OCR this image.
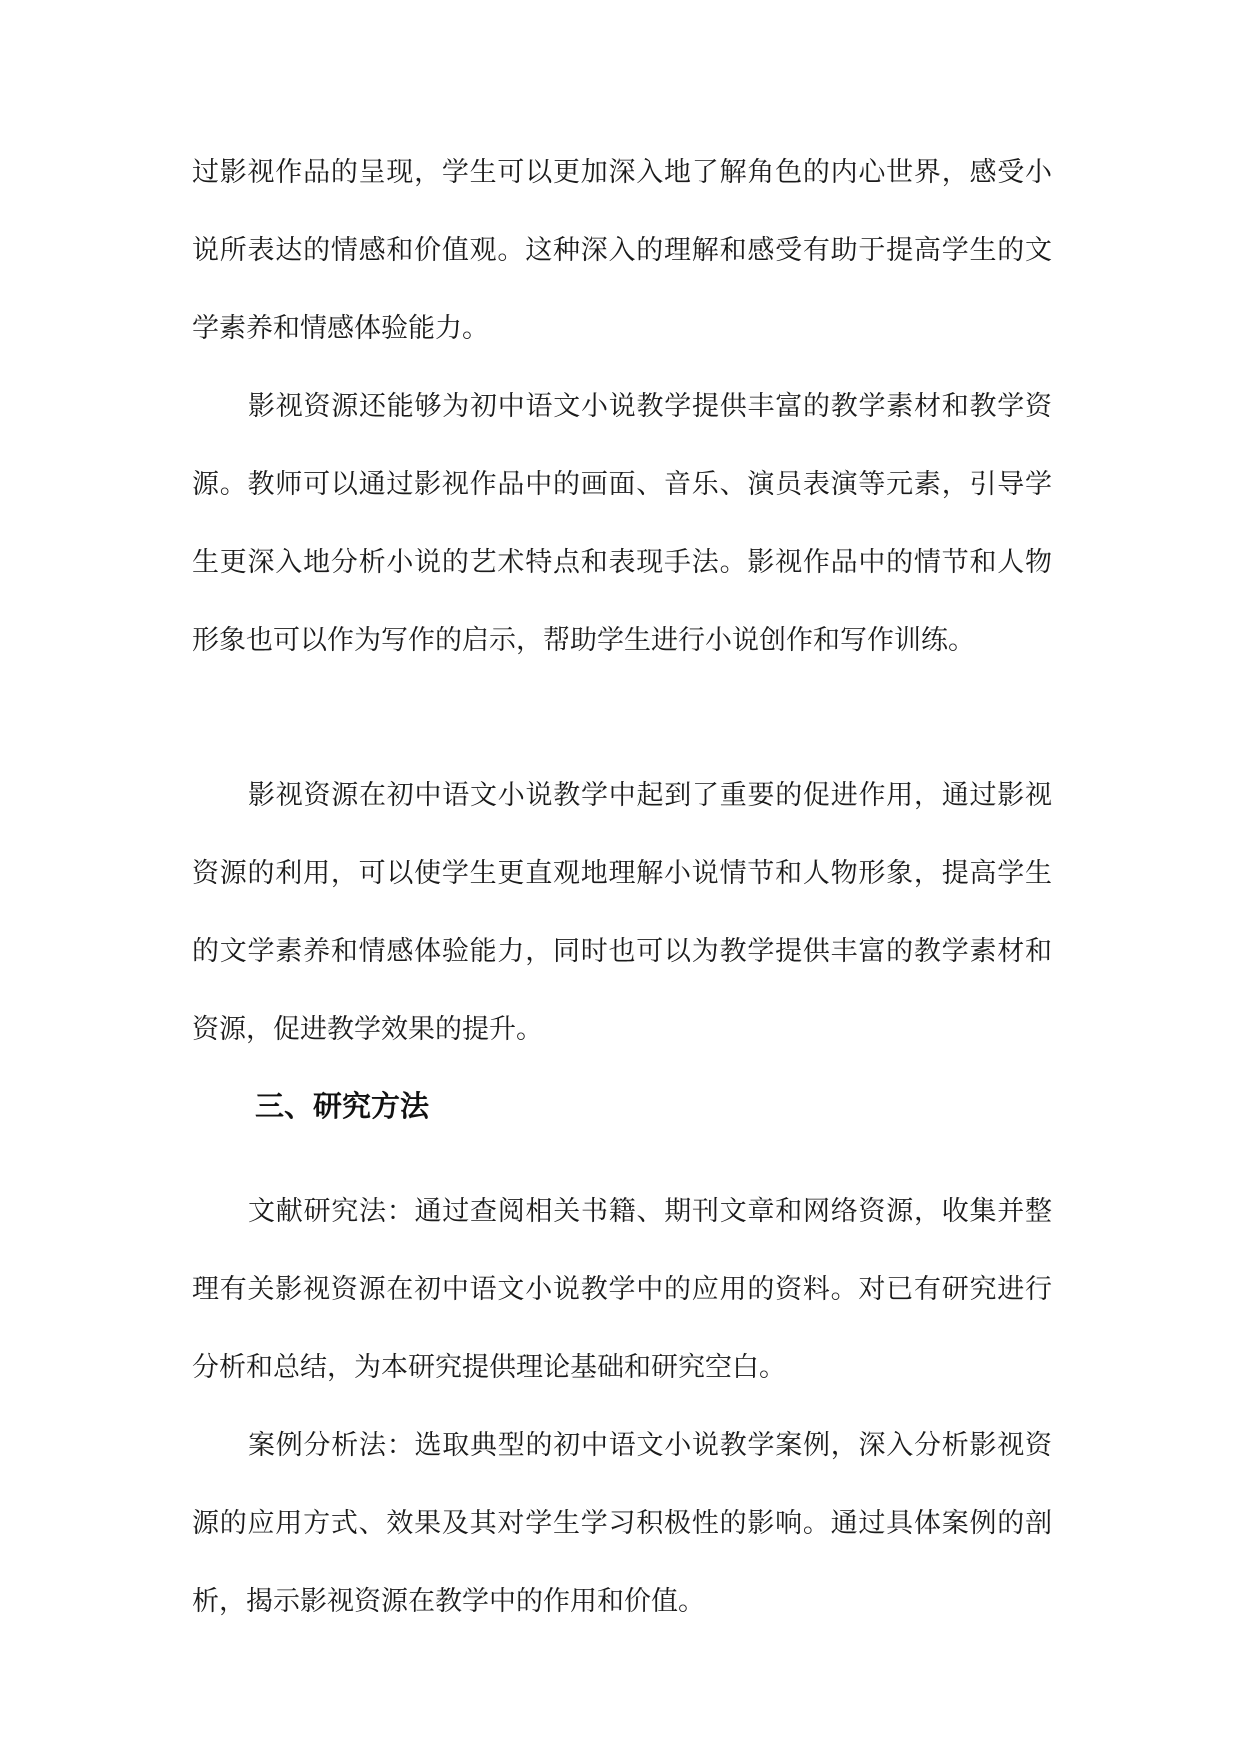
过影视作品的呈现，学生可以更加深入地了解角色的内心世界，感受小说所表达的情感和价值观。这种深入的理解和感受有助于提高学生的文学素养和情感体验能力。

影视资源还能够为初中语文小说教学提供丰富的教学素材和教学资源。教师可以通过影视作品中的画面、音乐、演员表演等元素，引导学生更深入地分析小说的艺术特点和表现手法。影视作品中的情节和人物形象也可以作为写作的启示，帮助学生进行小说创作和写作训练。

影视资源在初中语文小说教学中起到了重要的促进作用，通过影视资源的利用，可以使学生更直观地理解小说情节和人物形象，提高学生的文学素养和情感体验能力，同时也可以为教学提供丰富的教学素材和资源，促进教学效果的提升。

三、研究方法

文献研究法：通过查阅相关书籍、期刊文章和网络资源，收集并整理有关影视资源在初中语文小说教学中的应用的资料。对已有研究进行分析和总结，为本研究提供理论基础和研究空白。

案例分析法：选取典型的初中语文小说教学案例，深入分析影视资源的应用方式、效果及其对学生学习积极性的影响。通过具体案例的剖析，揭示影视资源在教学中的作用和价值。
